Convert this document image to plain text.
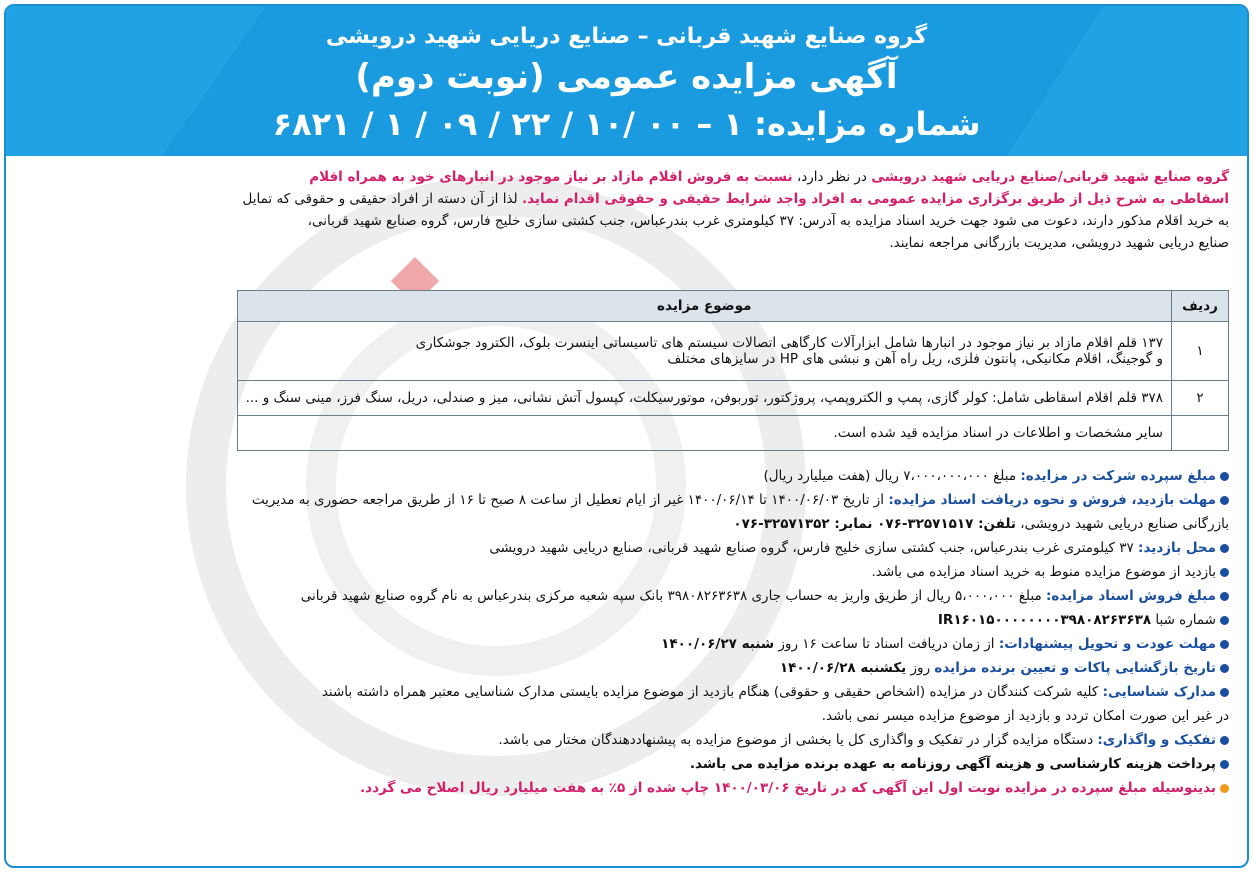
گروه صنایع شهید قربانی – صنایع دریایی شهید درویشی
آگهی مزایده عمومی (نوبت دوم)
شماره مزایده: ۱ – ۰۰ /۱۰ / ۲۲ / ۰۹ / ۱ / ۶۸۲۱
گروه صنایع شهید قربانی/صنایع دریایی شهید درویشی در نظر دارد، نسبت به فروش اقلام مازاد بر نیاز موجود در انبارهای خود به همراه اقلام
اسقاطی به شرح ذیل از طریق برگزاری مزایده عمومی به افراد واجد شرایط حقیقی و حقوقی اقدام نماید. لذا از آن دسته از افراد حقیقی و حقوقی که تمایل
به خرید اقلام مذکور دارند، دعوت می شود جهت خرید اسناد مزایده به آدرس: ۳۷ کیلومتری غرب بندرعباس، جنب کشتی سازی خلیج فارس، گروه صنایع شهید قربانی،
صنایع دریایی شهید درویشی، مدیریت بازرگانی مراجعه نمایند.
ردیف	موضوع مزایده
۱	۱۳۷ قلم اقلام مازاد بر نیاز موجود در انبارها شامل ابزارآلات کارگاهی اتصالات سیستم های تاسیساتی اینسرت بلوک، الکترود جوشکاری
و گوجینگ، اقلام مکانیکی، پانتون فلزی، ریل راه آهن و نبشی های HP در سایزهای مختلف

۲	۳۷۸ قلم اقلام اسقاطی شامل: کولر گازی، پمپ و الکتروپمپ، پروژکتور، توربوفن، موتورسیکلت، کپسول آتش نشانی، میز و صندلی، دریل، سنگ فرز، مینی سنگ و ...
	سایر مشخصات و اطلاعات در اسناد مزایده قید شده است.
مبلغ سپرده شرکت در مزایده: مبلغ ۷،۰۰۰،۰۰۰،۰۰۰ ریال (هفت میلیارد ریال)
مهلت بازدید، فروش و نحوه دریافت اسناد مزایده: از تاریخ ۱۴۰۰/۰۶/۰۳ تا ۱۴۰۰/۰۶/۱۴ غیر از ایام تعطیل از ساعت ۸ صبح تا ۱۶ از طریق مراجعه حضوری به مدیریت
بازرگانی صنایع دریایی شهید درویشی، تلفن: ۳۲۵۷۱۵۱۷-۰۷۶ نمابر: ۳۲۵۷۱۳۵۲-۰۷۶
محل بازدید: ۳۷ کیلومتری غرب بندرعباس، جنب کشتی سازی خلیج فارس، گروه صنایع شهید قربانی، صنایع دریایی شهید درویشی
بازدید از موضوع مزایده منوط به خرید اسناد مزایده می باشد.
مبلغ فروش اسناد مزایده: مبلغ ۵،۰۰۰،۰۰۰ ریال از طریق واریز به حساب جاری ۳۹۸۰۸۲۶۳۶۳۸ بانک سپه شعبه مرکزی بندرعباس به نام گروه صنایع شهید قربانی
شماره شبا IR۱۶۰۱۵۰۰۰۰۰۰۰۰۳۹۸۰۸۲۶۳۶۳۸
مهلت عودت و تحویل پیشنهادات: از زمان دریافت اسناد تا ساعت ۱۶ روز شنبه ۱۴۰۰/۰۶/۲۷
تاریخ بازگشایی پاکات و تعیین برنده مزایده روز یکشنبه ۱۴۰۰/۰۶/۲۸
مدارک شناسایی: کلیه شرکت کنندگان در مزایده (اشخاص حقیقی و حقوقی) هنگام بازدید از موضوع مزایده بایستی مدارک شناسایی معتبر همراه داشته باشند
در غیر این صورت امکان تردد و بازدید از موضوع مزایده میسر نمی باشد.
تفکیک و واگذاری: دستگاه مزایده گزار در تفکیک و واگذاری کل یا بخشی از موضوع مزایده به پیشنهاددهندگان مختار می باشد.
پرداخت هزینه کارشناسی و هزینه آگهی روزنامه به عهده برنده مزایده می باشد.
بدینوسیله مبلغ سپرده در مزایده نوبت اول این آگهی که در تاریخ ۱۴۰۰/۰۳/۰۶ چاپ شده از ۵٪ به هفت میلیارد ریال اصلاح می گردد.
